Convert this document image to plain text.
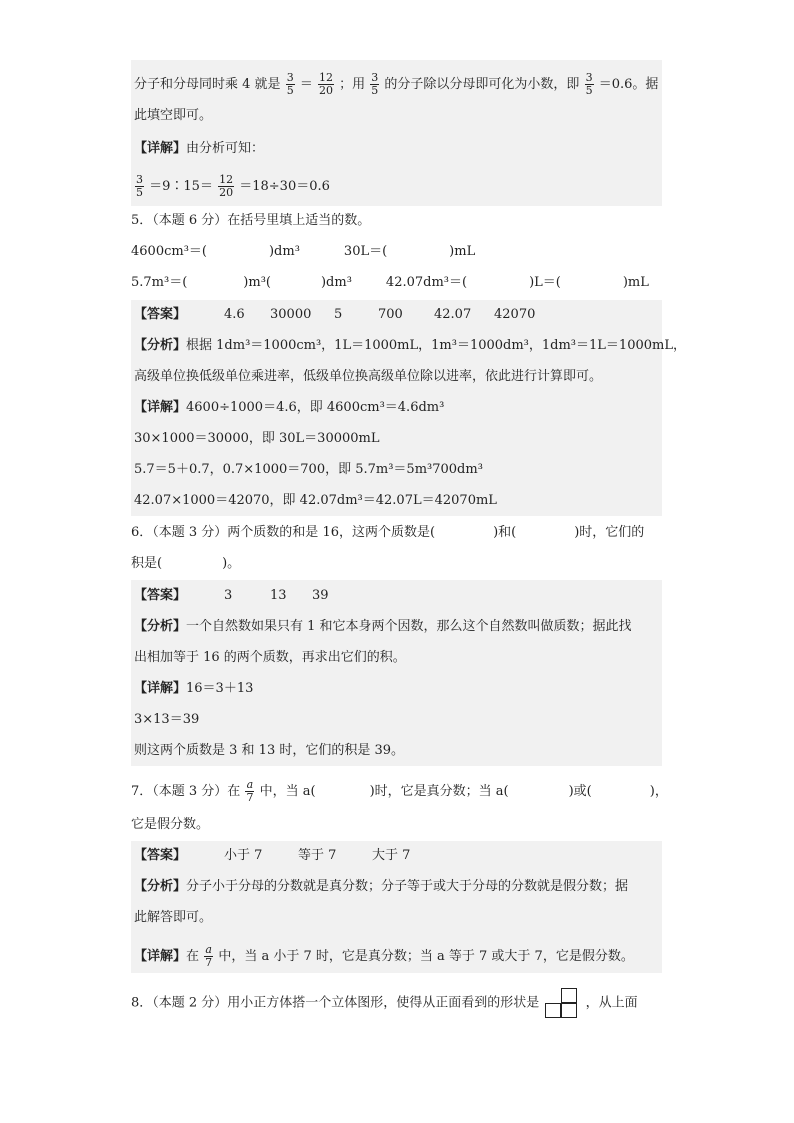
分子和分母同时乘 4 就是 $\frac{3}{5} = \frac{12}{20}$ ；用 $\frac{3}{5}$ 的分子除以分母即可化为小数，即 $\frac{3}{5} =0.6$。据
此填空即可。
【详解】由分析可知：
$\frac{3}{5}$ ＝9∶15＝ $\frac{12}{20} =18\div 30=0.6$
5．（本题 6 分）在括号里填上适当的数。
4600cm³＝(	)dm³	30L＝(	)mL
5.7m³＝(	)m³(	)dm³	42.07dm³＝(	)L＝(	)mL
【答案】	4.6 30000 5	700 42.07 42070
【分析】根据 1dm³＝1000cm³，1L＝1000mL，1m³＝1000dm³，1dm³＝1L＝1000mL，
高级单位换低级单位乘进率，低级单位换高级单位除以进率，依此进行计算即可。
【详解】4600÷1000＝4.6，即 4600cm³＝4.6dm³
30×1000＝30000，即 30L＝30000mL
5.7＝5＋0.7，0.7×1000＝700，即 5.7m³＝5m³700dm³
42.07×1000＝42070，即 42.07dm³＝42.07L＝42070mL
6．（本题 3 分）两个质数的和是 16，这两个质数是(	)和(	)时，它们的
积是(	)。
【答案】	3	13 39
【分析】一个自然数如果只有 1 和它本身两个因数，那么这个自然数叫做质数；据此找
出相加等于 16 的两个质数，再求出它们的积。
【详解】16＝3＋13
3×13＝39
则这两个质数是 3 和 13 时，它们的积是 39。
7．（本题 3 分）在 $\frac{a}{7}$ 中，当 a(	)时，它是真分数；当 a(	)或(	)，
它是假分数。
【答案】	小于 7	等于 7	大于 7
【分析】分子小于分母的分数就是真分数；分子等于或大于分母的分数就是假分数；据
此解答即可。
【详解】在 $\frac{a}{7}$ 中，当 a 小于 7 时，它是真分数；当 a 等于 7 或大于 7，它是假分数。
8．（本题 2 分）用小正方体搭一个立体图形，使得从正面看到的形状是	，从上面
